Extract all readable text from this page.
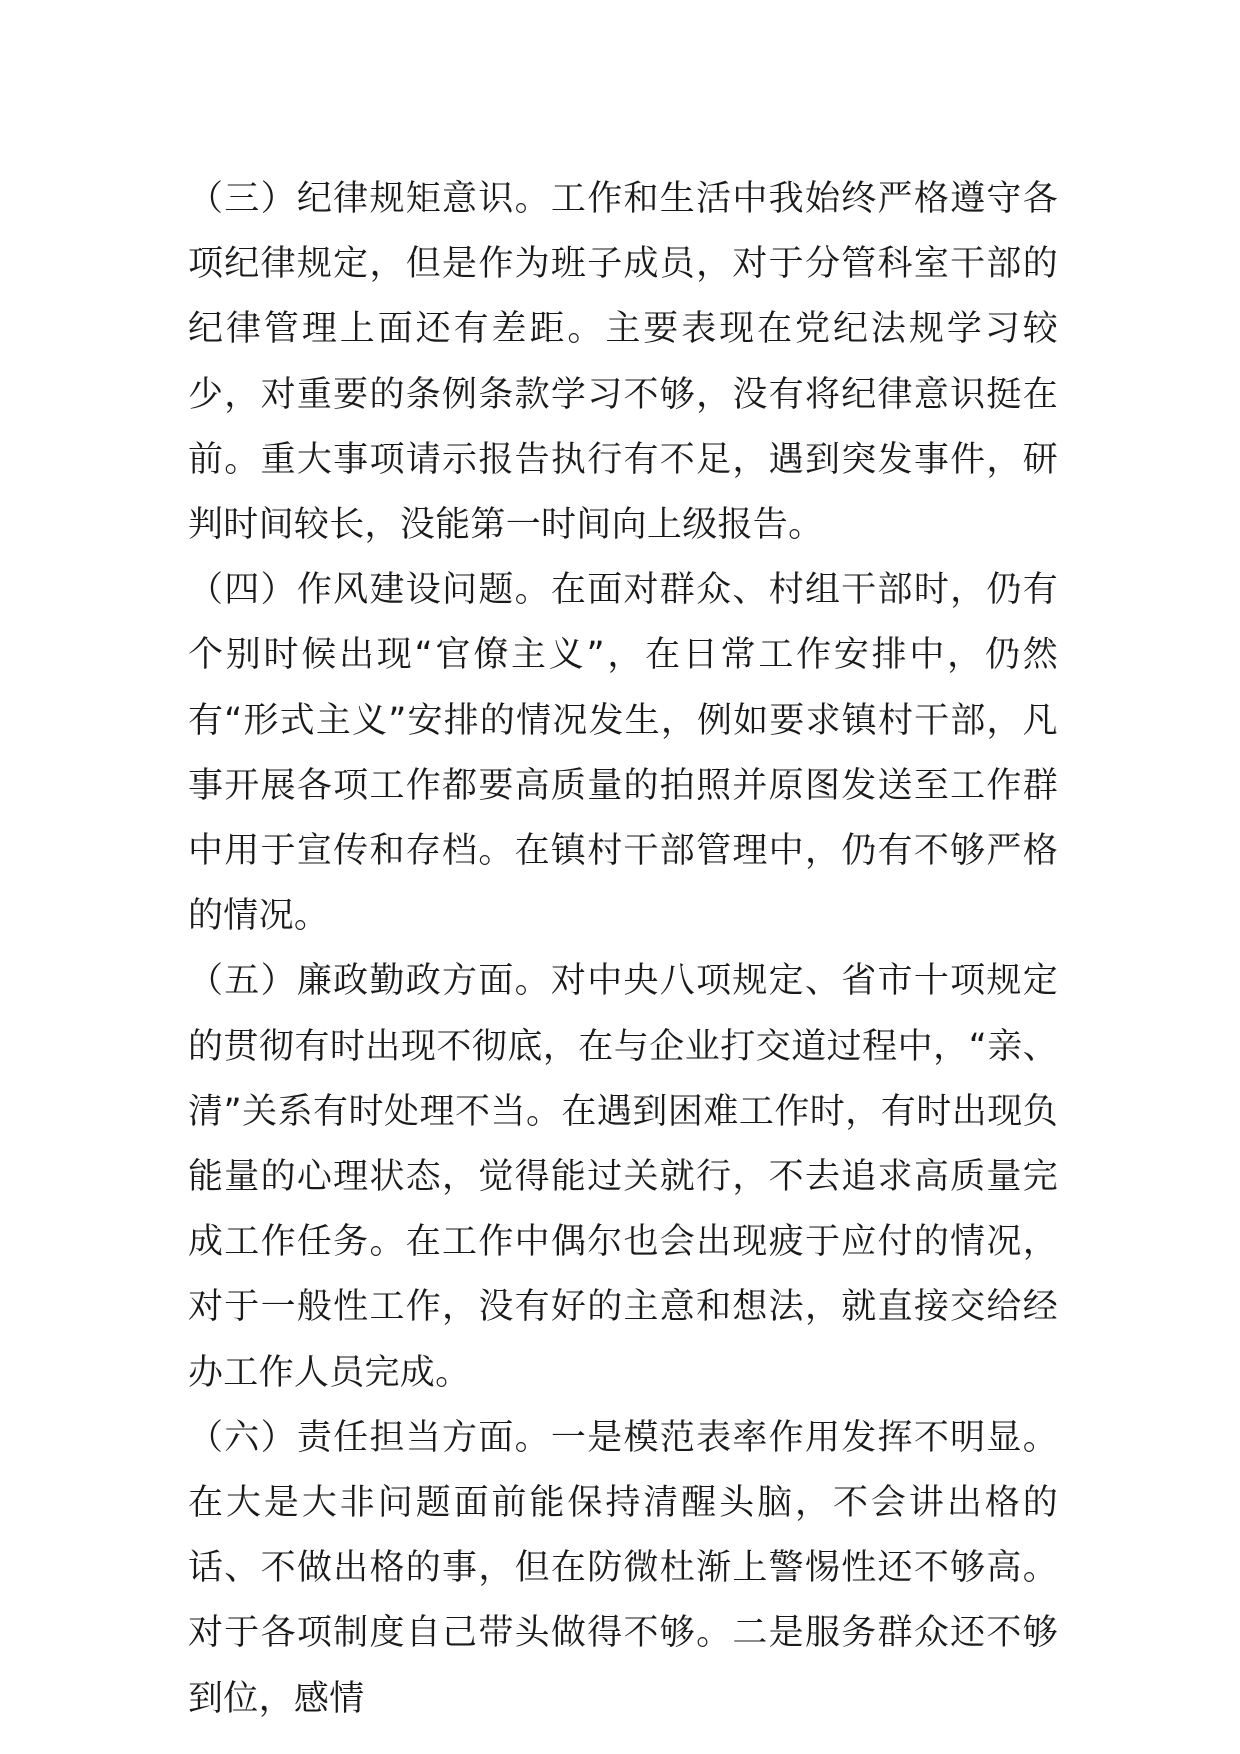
（三）纪律规矩意识。工作和生活中我始终严格遵守各项纪律规定，但是作为班子成员，对于分管科室干部的纪律管理上面还有差距。主要表现在党纪法规学习较少，对重要的条例条款学习不够，没有将纪律意识挺在前。重大事项请示报告执行有不足，遇到突发事件，研判时间较长，没能第一时间向上级报告。

（四）作风建设问题。在面对群众、村组干部时，仍有个别时候出现“官僚主义”，在日常工作安排中，仍然有“形式主义”安排的情况发生，例如要求镇村干部，凡事开展各项工作都要高质量的拍照并原图发送至工作群中用于宣传和存档。在镇村干部管理中，仍有不够严格的情况。

（五）廉政勤政方面。对中央八项规定、省市十项规定的贯彻有时出现不彻底，在与企业打交道过程中，“亲、清”关系有时处理不当。在遇到困难工作时，有时出现负能量的心理状态，觉得能过关就行，不去追求高质量完成工作任务。在工作中偶尔也会出现疲于应付的情况，对于一般性工作，没有好的主意和想法，就直接交给经办工作人员完成。

（六）责任担当方面。一是模范表率作用发挥不明显。在大是大非问题面前能保持清醒头脑，不会讲出格的话、不做出格的事，但在防微杜渐上警惕性还不够高。对于各项制度自己带头做得不够。二是服务群众还不够到位，感情
